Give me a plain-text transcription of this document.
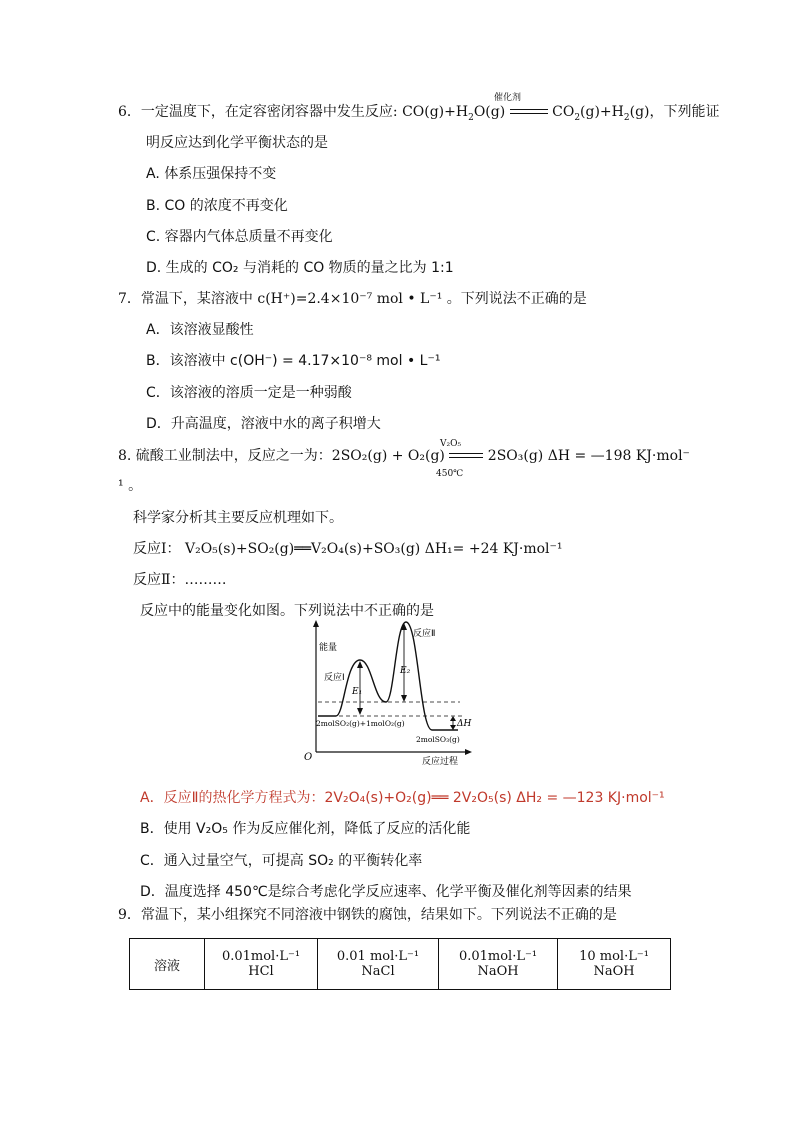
催化剂
6．一定温度下，在定容密闭容器中发生反应: $CO(g)+H_2O(g)$	$CO_2(g)+H_2(g)$，下列能证
明反应达到化学平衡状态的是
A. 体系压强保持不变
B. CO 的浓度不再变化
C. 容器内气体总质量不再变化
D. 生成的 CO₂ 与消耗的 CO 物质的量之比为 1:1
7．常温下，某溶液中 c(H⁺)=2.4×10⁻⁷ mol • L⁻¹ 。下列说法不正确的是
A．该溶液显酸性
B．该溶液中 c(OH⁻) = 4.17×10⁻⁸ mol • L⁻¹
C．该溶液的溶质一定是一种弱酸
D．升高温度，溶液中水的离子积增大
V₂O₅
8. 硫酸工业制法中，反应之一为：2SO₂(g) + O₂(g)	2SO₃(g) ΔH = —198 KJ·mol⁻
450℃
¹ 。
科学家分析其主要反应机理如下。
反应Ⅰ： V₂O₅(s)+SO₂(g)══V₂O₄(s)+SO₃(g) ΔH₁= +24 KJ·mol⁻¹
反应Ⅱ：………
反应中的能量变化如图。下列说法中不正确的是
能量
反应过程
O
E₁
E₂
ΔH
反应Ⅰ
反应Ⅱ
2molSO₂(g)+1molO₂(g)
2molSO₃(g)
A．反应Ⅱ的热化学方程式为：2V₂O₄(s)+O₂(g)══ 2V₂O₅(s) ΔH₂ = —123 KJ·mol⁻¹
B．使用 V₂O₅ 作为反应催化剂，降低了反应的活化能
C．通入过量空气，可提高 SO₂ 的平衡转化率
D．温度选择 450℃是综合考虑化学反应速率、化学平衡及催化剂等因素的结果
9．常温下，某小组探究不同溶液中钢铁的腐蚀，结果如下。下列说法不正确的是
溶液	0.01mol·L⁻¹ HCl	0.01 mol·L⁻¹ NaCl	0.01mol·L⁻¹ NaOH	10 mol·L⁻¹ NaOH
